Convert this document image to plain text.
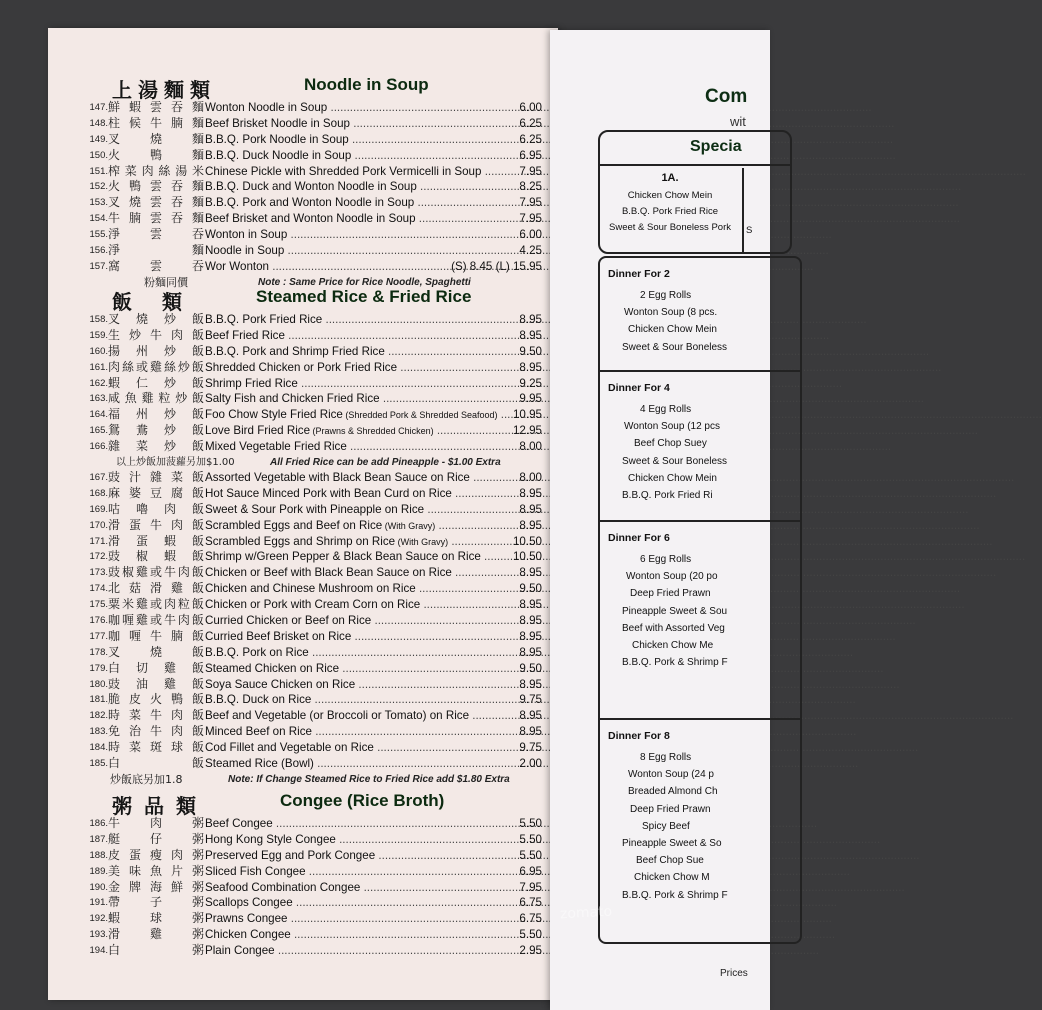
上湯麵類	Noodle in Soup
147. 鮮 蝦 雲 吞 麵 Wonton Noodle in Soup .....	6.00
148. 柱 候 牛 腩 麵 Beef Brisket Noodle in Soup .....	6.25
149. 叉 燒 麵 B.B.Q. Pork Noodle in Soup .....	6.25
150. 火 鴨 麵 B.B.Q. Duck Noodle in Soup .....	6.95
151. 榨 菜 肉 絲 湯 米 Chinese Pickle with Shredded Pork Vermicelli in Soup .....	7.95
152. 火 鴨 雲 吞 麵 B.B.Q. Duck and Wonton Noodle in Soup .....	8.25
153. 叉 燒 雲 吞 麵 B.B.Q. Pork and Wonton Noodle in Soup .....	7.95
154. 牛 腩 雲 吞 麵 Beef Brisket and Wonton Noodle in Soup .....	7.95
155. 淨 雲 吞 Wonton in Soup .....	6.00
156. 淨	麵 Noodle in Soup .....	4.25
157. 窩 雲 吞 Wor Wonton .....	(S) 8.45 (L) 15.95
粉麵同價	Note : Same Price for Rice Noodle, Spaghetti
飯類	Steamed Rice & Fried Rice
158. 叉 燒 炒 飯 B.B.Q. Pork Fried Rice .....	8.95
159. 生 炒 牛 肉 飯 Beef Fried Rice .....	8.95
160. 揚 州 炒 飯 B.B.Q. Pork and Shrimp Fried Rice .....	9.50
161. 肉 絲 或 雞 絲 炒 飯 Shredded Chicken or Pork Fried Rice .....	8.95
162. 蝦 仁 炒 飯 Shrimp Fried Rice .....	9.25
163. 咸 魚 雞 粒 炒 飯 Salty Fish and Chicken Fried Rice .....	9.95
164. 福 州 炒 飯 Foo Chow Style Fried Rice (Shredded Pork & Shredded Seafood) .....	10.95
165. 鴛 鴦 炒 飯 Love Bird Fried Rice (Prawns & Shredded Chicken) .....	12.95
166. 雜 菜 炒 飯 Mixed Vegetable Fried Rice .....	8.00
以上炒飯加菠蘿另加$1.00	All Fried Rice can be add Pineapple - $1.00 Extra
167. 豉 汁 雜 菜 飯 Assorted Vegetable with Black Bean Sauce on Rice .....	8.00
168. 麻 婆 豆 腐 飯 Hot Sauce Minced Pork with Bean Curd on Rice .....	8.95
169. 咕 嚕 肉 飯 Sweet & Sour Pork with Pineapple on Rice .....	8.95
170. 滑 蛋 牛 肉 飯 Scrambled Eggs and Beef on Rice (With Gravy) .....	8.95
171. 滑 蛋 蝦 飯 Scrambled Eggs and Shrimp on Rice (With Gravy) .....	10.50
172. 豉 椒 蝦 飯 Shrimp w/Green Pepper & Black Bean Sauce on Rice .....	10.50
173. 豉 椒 雞 或 牛 肉 飯 Chicken or Beef with Black Bean Sauce on Rice .....	8.95
174. 北 菇 滑 雞 飯 Chicken and Chinese Mushroom on Rice .....	9.50
175. 粟 米 雞 或 肉 粒 飯 Chicken or Pork with Cream Corn on Rice .....	8.95
176. 咖 喱 雞 或 牛 肉 飯 Curried Chicken or Beef on Rice .....	8.95
177. 咖 喱 牛 腩 飯 Curried Beef Brisket on Rice .....	8.95
178. 叉 燒 飯 B.B.Q. Pork on Rice .....	8.95
179. 白 切 雞 飯 Steamed Chicken on Rice .....	9.50
180. 豉 油 雞 飯 Soya Sauce Chicken on Rice .....	8.95
181. 脆 皮 火 鴨 飯 B.B.Q. Duck on Rice .....	9.75
182. 時 菜 牛 肉 飯 Beef and Vegetable (or Broccoli or Tomato) on Rice .....	8.95
183. 免 治 牛 肉 飯 Minced Beef on Rice .....	8.95
184. 時 菜 斑 球 飯 Cod Fillet and Vegetable on Rice .....	9.75
185. 白	飯 Steamed Rice (Bowl) .....	2.00
炒飯底另加1.8	Note: If Change Steamed Rice to Fried Rice add $1.80 Extra
粥品類	Congee (Rice Broth)
186. 牛 肉 粥 Beef Congee .....	5.50
187. 艇 仔 粥 Hong Kong Style Congee .....	5.50
188. 皮 蛋 瘦 肉 粥 Preserved Egg and Pork Congee .....	5.50
189. 美 味 魚 片 粥 Sliced Fish Congee .....	6.95
190. 金 牌 海 鮮 粥 Seafood Combination Congee .....	7.95
191. 帶 子 粥 Scallops Congee .....	6.75
192. 蝦 球 粥 Prawns Congee .....	6.75
193. 滑 雞 粥 Chicken Congee .....	5.50
194. 白	粥 Plain Congee .....	2.95
Com
wit
Specia
1A.
Chicken Chow Mein
B.B.Q. Pork Fried Rice
Sweet & Sour Boneless Pork	S
Dinner For 2
2 Egg Rolls
Wonton Soup (8 pcs.
Chicken Chow Mein
Sweet & Sour Boneless
Dinner For 4
4 Egg Rolls
Wonton Soup (12 pcs
Beef Chop Suey
Sweet & Sour Boneless
Chicken Chow Mein
B.B.Q. Pork Fried Ri
Dinner For 6
6 Egg Rolls
Wonton Soup (20 po
Deep Fried Prawn
Pineapple Sweet & Sou
Beef with Assorted Veg
Chicken Chow Me
B.B.Q. Pork & Shrimp F
Dinner For 8
8 Egg Rolls
Wonton Soup (24 p
Breaded Almond Ch
Deep Fried Prawn
Spicy Beef
Pineapple Sweet & So
Beef Chop Sue
Chicken Chow M
B.B.Q. Pork & Shrimp F
Prices
zomato
